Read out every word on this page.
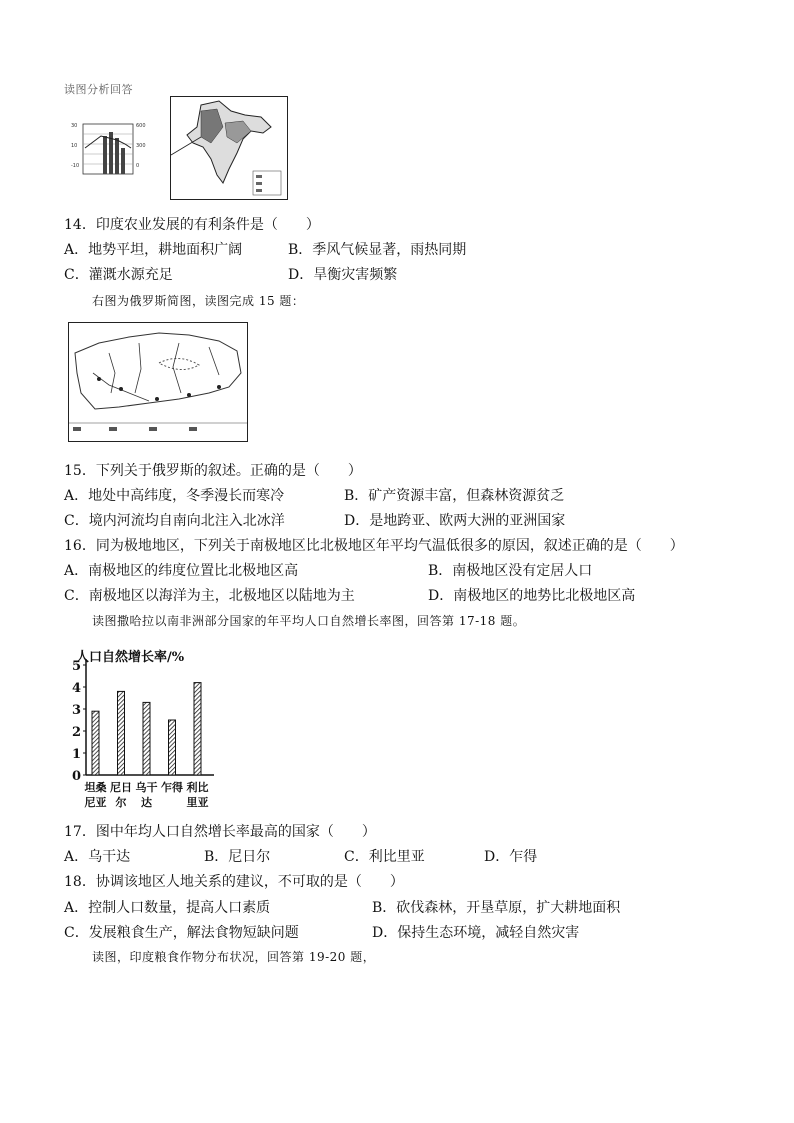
读图分析回答
30
10
-10
600
300
0
14．印度农业发展的有利条件是（　　）
A．地势平坦，耕地面积广阔	B．季风气候显著，雨热同期
C．灌溉水源充足	D．旱衡灾害频繁
右图为俄罗斯简图，读图完成 15 题：
15．下列关于俄罗斯的叙述。正确的是（　　）
A．地处中高纬度，冬季漫长而寒冷	B．矿产资源丰富，但森林资源贫乏
C．境内河流均自南向北注入北冰洋	D．是地跨亚、欧两大洲的亚洲国家
16．同为极地地区，下列关于南极地区比北极地区年平均气温低很多的原因，叙述正确的是（　　）
A．南极地区的纬度位置比北极地区高	B．南极地区没有定居人口
C．南极地区以海洋为主，北极地区以陆地为主	D．南极地区的地势比北极地区高
读图撒哈拉以南非洲部分国家的年平均人口自然增长率图，回答第 17-18 题。
人口自然增长率/%
0
1
2
3
4
5
坦桑
尼亚
尼日
尔
乌干
达
乍得 利比
里亚
17．图中年均人口自然增长率最高的国家（　　）
A．乌干达	B．尼日尔	C．利比里亚	D．乍得
18．协调该地区人地关系的建议，不可取的是（　　）
A．控制人口数量，提高人口素质	B．砍伐森林，开垦草原，扩大耕地面积
C．发展粮食生产，解法食物短缺问题	D．保持生态环境，减轻自然灾害
读图，印度粮食作物分布状况，回答第 19-20 题，
